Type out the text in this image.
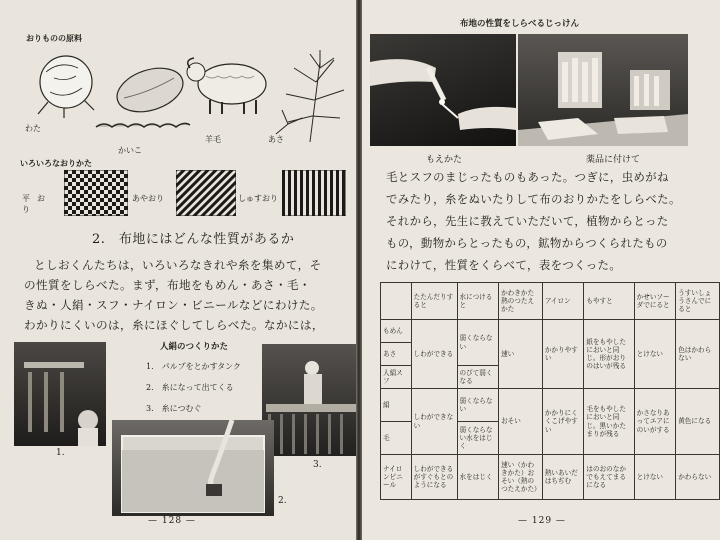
おりものの原料
わた
かいこ
羊毛	あさ
いろいろなおりかた
平おり
あやおり	しゅすおり
2.　布地にはどんな性質があるか
としおくんたちは，いろいろなきれや糸を集めて，そ
の性質をしらべた。まず，布地をもめん・あさ・毛・
きぬ・人絹・スフ・ナイロン・ビニールなどにわけた。
わかりにくいのは，糸にほぐしてしらべた。なかには，
1.
人絹のつくりかた
1.　パルプをとかすタンク
2.　糸になって出てくる
3.　糸につむぐ
3.
2.
— 128 —
布地の性質をしらべるじっけん
もえかた	薬品に付けて
毛とスフのまじったものもあった。つぎに，虫めがね
でみたり，糸をぬいたりして布のおりかたをしらべた。
それから，先生に教えていただいて，植物からとった
もの，動物からとったもの，鉱物からつくられたもの
にわけて，性質をくらべて，表をつくった。
	たたんだりすると	水につけると	かわきかた熱のつたえかた	アイロン	もやすと	かせいソーダでにると	うすいしょうさんでにると
もめん	しわができる	弱くならない	速い	かかりやすい	紙をもやしたにおいと同じ。形がおりのはいが残る	とけない	色はかわらない
あさ							
人絹スフ		のびて弱くなる					
絹	しわができない	弱くならない	おそい	かかりにくくこげやすい	毛をもやしたにおいと同じ。黒いかたまりが残る	かさなりあってエアにのいがする	黄色になる
毛		弱くならない水をはじく					
ナイロンビニール	しわができるがすぐもとのようになる	水をはじく	速い（かわきかた）おそい（熱のつたえかた）	熱いあいだはちぢむ	はのおのなかでもえてまるになる	とけない	かわらない
— 129 —
